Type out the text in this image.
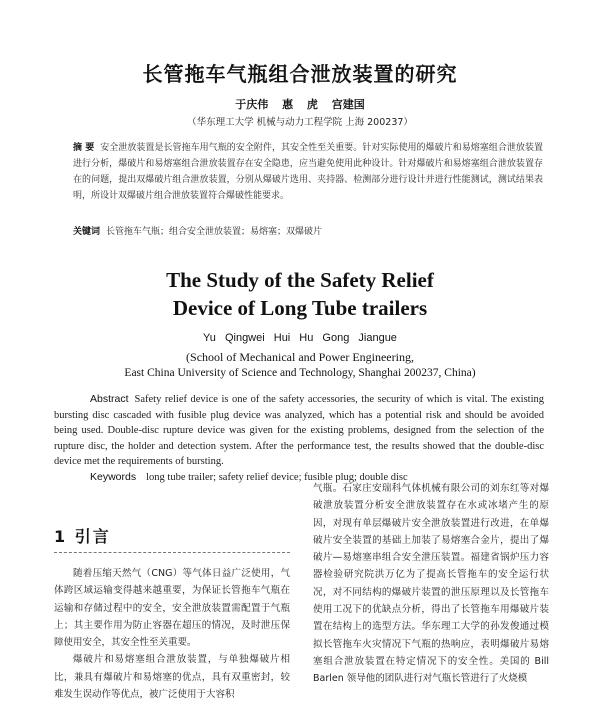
长管拖车气瓶组合泄放装置的研究
于庆伟 惠 虎 宫建国
（华东理工大学 机械与动力工程学院 上海 200237）
摘 要 安全泄放装置是长管拖车用气瓶的安全附件，其安全性至关重要。针对实际使用的爆破片和易熔塞组合泄放装置进行分析，爆破片和易熔塞组合泄放装置存在安全隐患，应当避免使用此种设计。针对爆破片和易熔塞组合泄放装置存在的问题，提出双爆破片组合泄放装置，分别从爆破片选用、夹持器、检测部分进行设计并进行性能测试，测试结果表明，所设计双爆破片组合泄放装置符合爆破性能要求。
关键词 长管拖车气瓶；组合安全泄放装置；易熔塞；双爆破片
The Study of the Safety Relief
Device of Long Tube trailers
Yu Qingwei Hui Hu Gong Jiangue
(School of Mechanical and Power Engineering,
East China University of Science and Technology, Shanghai 200237, China)
Abstract Safety relief device is one of the safety accessories, the security of which is vital. The existing bursting disc cascaded with fusible plug device was analyzed, which has a potential risk and should be avoided being used. Double-disc rupture device was given for the existing problems, designed from the selection of the rupture disc, the holder and detection system. After the performance test, the results showed that the double-disc device met the requirements of bursting.
Keywords long tube trailer; safety relief device; fusible plug; double disc
1 引言

随着压缩天然气（CNG）等气体日益广泛使用，气体跨区域运输变得越来越重要，为保证长管拖车气瓶在运输和存储过程中的安全，安全泄放装置需配置于气瓶上；其主要作用为防止容器在超压的情况，及时泄压保障使用安全，其安全性至关重要。

爆破片和易熔塞组合泄放装置，与单独爆破片相比，兼具有爆破片和易熔塞的优点，具有双重密封，较难发生误动作等优点，被广泛使用于大容积

气瓶。石家庄安瑞科气体机械有限公司的刘东红等对爆破泄放装置分析安全泄放装置存在水或冰堵产生的原因，对现有单层爆破片安全泄放装置进行改进，在单爆破片安全装置的基础上加装了易熔塞合金片，提出了爆破片—易熔塞串组合安全泄压装置。福建省锅炉压力容器检验研究院洪万亿为了提高长管拖车的安全运行状况，对不同结构的爆破片装置的泄压原理以及长管拖车使用工况下的优缺点分析，得出了长管拖车用爆破片装置在结构上的选型方法。华东理工大学的孙发俊通过模拟长管拖车火灾情况下气瓶的热响应，表明爆破片易熔塞组合泄放装置在特定情况下的安全性。美国的 Bill Barlen 领导他的团队进行对气瓶长管进行了火烧模
